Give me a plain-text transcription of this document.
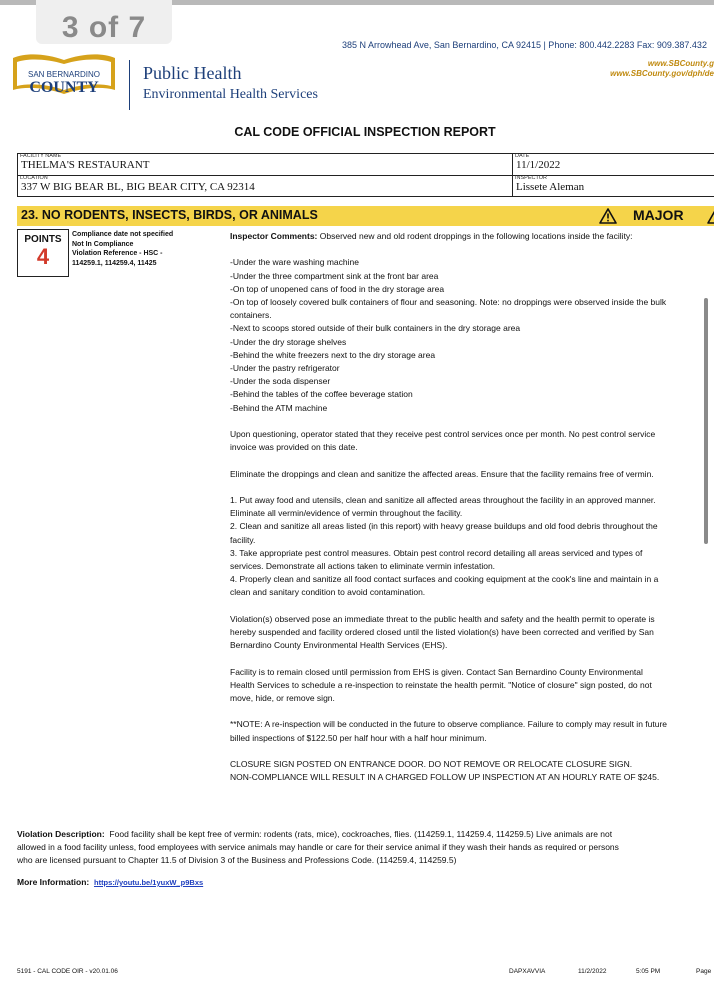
3 of 7
385 N Arrowhead Ave, San Bernardino, CA 92415 | Phone: 800.442.2283 Fax: 909.387.432
www.SBCounty.g
www.SBCounty.gov/dph/de
SAN BERNARDINO
COUNTY
Public Health
Environmental Health Services
CAL CODE OFFICIAL INSPECTION REPORT
FACILITY NAME
THELMA'S RESTAURANT
DATE
11/1/2022
LOCATION
337 W BIG BEAR BL, BIG BEAR CITY, CA 92314
INSPECTOR
Lissete Aleman
23. NO RODENTS, INSECTS, BIRDS, OR ANIMALS	MAJOR
POINTS
4
Compliance date not specified
Not In Compliance
Violation Reference - HSC -
114259.1, 114259.4, 11425

Inspector Comments: Observed new and old rodent droppings in the following locations inside the facility:

-Under the ware washing machine

-Under the three compartment sink at the front bar area

-On top of unopened cans of food in the dry storage area

-On top of loosely covered bulk containers of flour and seasoning. Note: no droppings were observed inside the bulk containers.

-Next to scoops stored outside of their bulk containers in the dry storage area

-Under the dry storage shelves

-Behind the white freezers next to the dry storage area

-Under the pastry refrigerator

-Under the soda dispenser

-Behind the tables of the coffee beverage station

-Behind the ATM machine

Upon questioning, operator stated that they receive pest control services once per month. No pest control service invoice was provided on this date.

Eliminate the droppings and clean and sanitize the affected areas. Ensure that the facility remains free of vermin.

1. Put away food and utensils, clean and sanitize all affected areas throughout the facility in an approved manner. Eliminate all vermin/evidence of vermin throughout the facility.

2. Clean and sanitize all areas listed (in this report) with heavy grease buildups and old food debris throughout the facility.

3. Take appropriate pest control measures. Obtain pest control record detailing all areas serviced and types of services. Demonstrate all actions taken to eliminate vermin infestation.

4. Properly clean and sanitize all food contact surfaces and cooking equipment at the cook's line and maintain in a clean and sanitary condition to avoid contamination.

Violation(s) observed pose an immediate threat to the public health and safety and the health permit to operate is hereby suspended and facility ordered closed until the listed violation(s) have been corrected and verified by San Bernardino County Environmental Health Services (EHS).

Facility is to remain closed until permission from EHS is given. Contact San Bernardino County Environmental Health Services to schedule a re-inspection to reinstate the health permit. "Notice of closure" sign posted, do not move, hide, or remove sign.

**NOTE: A re-inspection will be conducted in the future to observe compliance. Failure to comply may result in future billed inspections of $122.50 per half hour with a half hour minimum.

CLOSURE SIGN POSTED ON ENTRANCE DOOR. DO NOT REMOVE OR RELOCATE CLOSURE SIGN.

NON-COMPLIANCE WILL RESULT IN A CHARGED FOLLOW UP INSPECTION AT AN HOURLY RATE OF $245.

Violation Description: Food facility shall be kept free of vermin: rodents (rats, mice), cockroaches, flies. (114259.1, 114259.4, 114259.5) Live animals are not allowed in a food facility unless, food employees with service animals may handle or care for their service animal if they wash their hands as required or persons who are licensed pursuant to Chapter 11.5 of Division 3 of the Business and Professions Code. (114259.4, 114259.5)
More Information: https://youtu.be/1yuxW_p9Bxs
5191 - CAL CODE OIR - v20.01.06	DAPXAVVIA	11/2/2022	5:05 PM	Page
